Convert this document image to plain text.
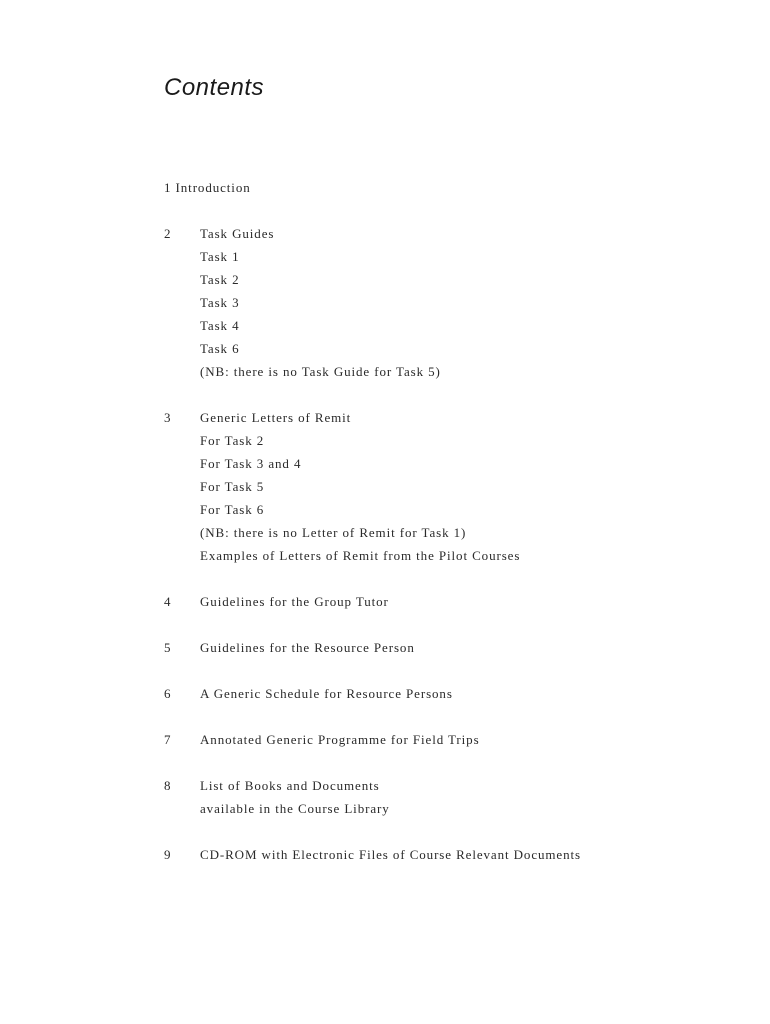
Contents
1 Introduction
2 Task Guides
Task 1
Task 2
Task 3
Task 4
Task 6
(NB: there is no Task Guide for Task 5)
3 Generic Letters of Remit
For Task 2
For Task 3 and 4
For Task 5
For Task 6
(NB: there is no Letter of Remit for Task 1)
Examples of Letters of Remit from the Pilot Courses
4 Guidelines for the Group Tutor
5 Guidelines for the Resource Person
6 A Generic Schedule for Resource Persons
7 Annotated Generic Programme for Field Trips
8 List of Books and Documents
available in the Course Library
9 CD-ROM with Electronic Files of Course Relevant Documents
